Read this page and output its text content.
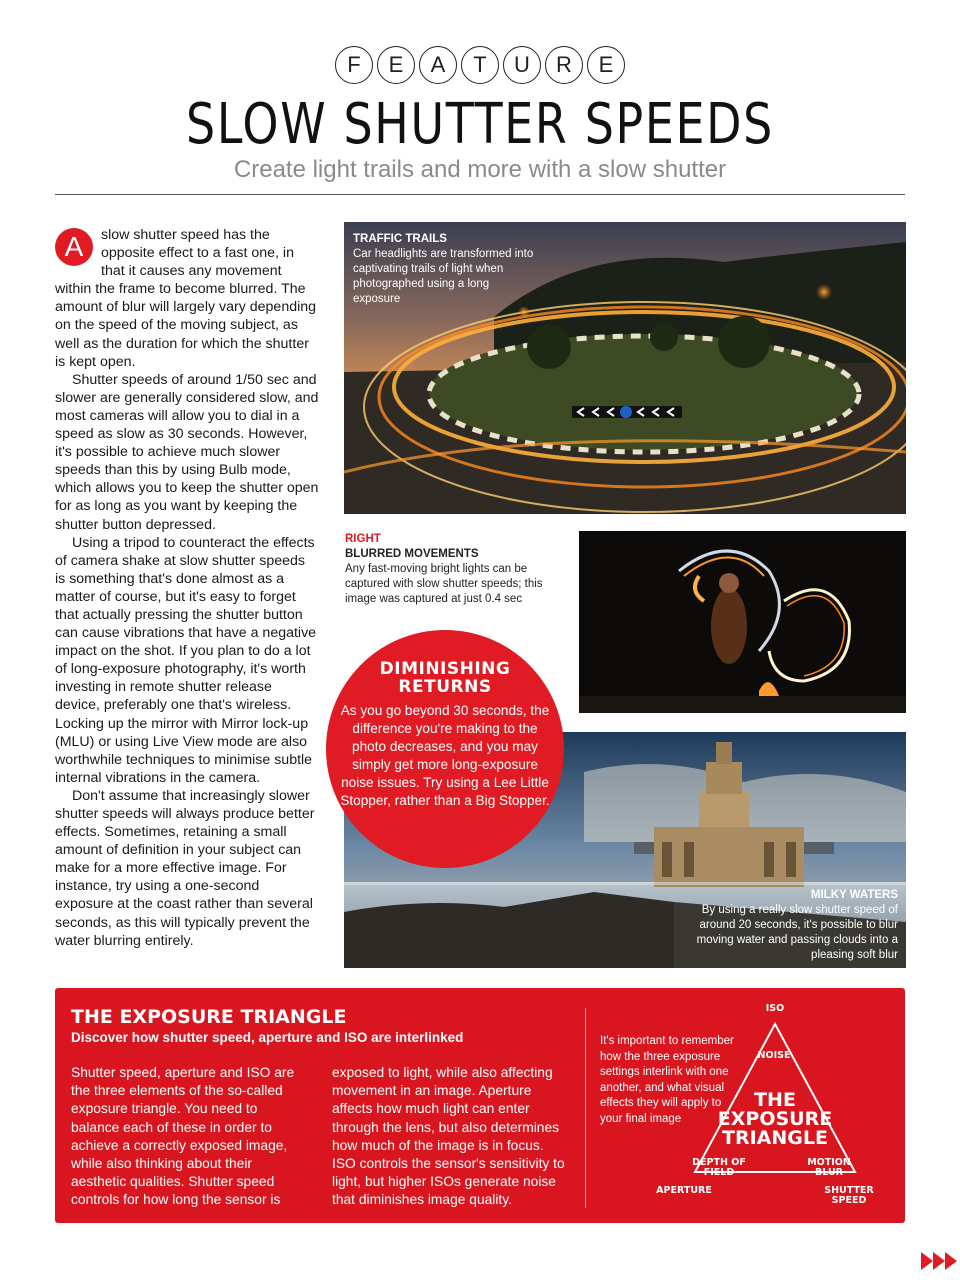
F	E	A	T	U	R	E
SLOW SHUTTER SPEEDS
Create light trails and more with a slow shutter

A	slow shutter speed has the opposite effect to a fast one, in that it causes any movement within the frame to become blurred. The amount of blur will largely vary depending on the speed of the moving subject, as well as the duration for which the shutter is kept open.

Shutter speeds of around 1/50 sec and slower are generally considered slow, and most cameras will allow you to dial in a speed as slow as 30 seconds. However, it's possible to achieve much slower speeds than this by using Bulb mode, which allows you to keep the shutter open for as long as you want by keeping the shutter button depressed.

Using a tripod to counteract the effects of camera shake at slow shutter speeds is something that's done almost as a matter of course, but it's easy to forget that actually pressing the shutter button can cause vibrations that have a negative impact on the shot. If you plan to do a lot of long-exposure photography, it's worth investing in remote shutter release device, preferably one that's wireless. Locking up the mirror with Mirror lock-up (MLU) or using Live View mode are also worthwhile techniques to minimise subtle internal vibrations in the camera.

Don't assume that increasingly slower shutter speeds will always produce better effects. Sometimes, retaining a small amount of definition in your subject can make for a more effective image. For instance, try using a one-second exposure at the coast rather than several seconds, as this will typically prevent the water blurring entirely.

TRAFFIC TRAILS
Car headlights are transformed into captivating trails of light when photographed using a long exposure
RIGHT
BLURRED MOVEMENTS
Any fast-moving bright lights can be captured with slow shutter speeds; this image was captured at just 0.4 sec
MILKY WATERS
By using a really slow shutter speed of around 20 seconds, it's possible to blur moving water and passing clouds into a pleasing soft blur
DIMINISHING RETURNS
As you go beyond 30 seconds, the difference you're making to the photo decreases, and you may simply get more long-exposure noise issues. Try using a Lee Little Stopper, rather than a Big Stopper.
THE EXPOSURE TRIANGLE
Discover how shutter speed, aperture and ISO are interlinked
Shutter speed, aperture and ISO are the three elements of the so-called exposure triangle. You need to balance each of these in order to achieve a correctly exposed image, while also thinking about their aesthetic qualities. Shutter speed controls for how long the sensor is
exposed to light, while also affecting movement in an image. Aperture affects how much light can enter through the lens, but also determines how much of the image is in focus. ISO controls the sensor's sensitivity to light, but higher ISOs generate noise that diminishes image quality.
It's important to remember how the three exposure settings interlink with one another, and what visual effects they will apply to your final image
ISO
NOISE
THE
EXPOSURE
TRIANGLE
DEPTH OF
FIELD
MOTION
BLUR
APERTURE	SHUTTER SPEED
